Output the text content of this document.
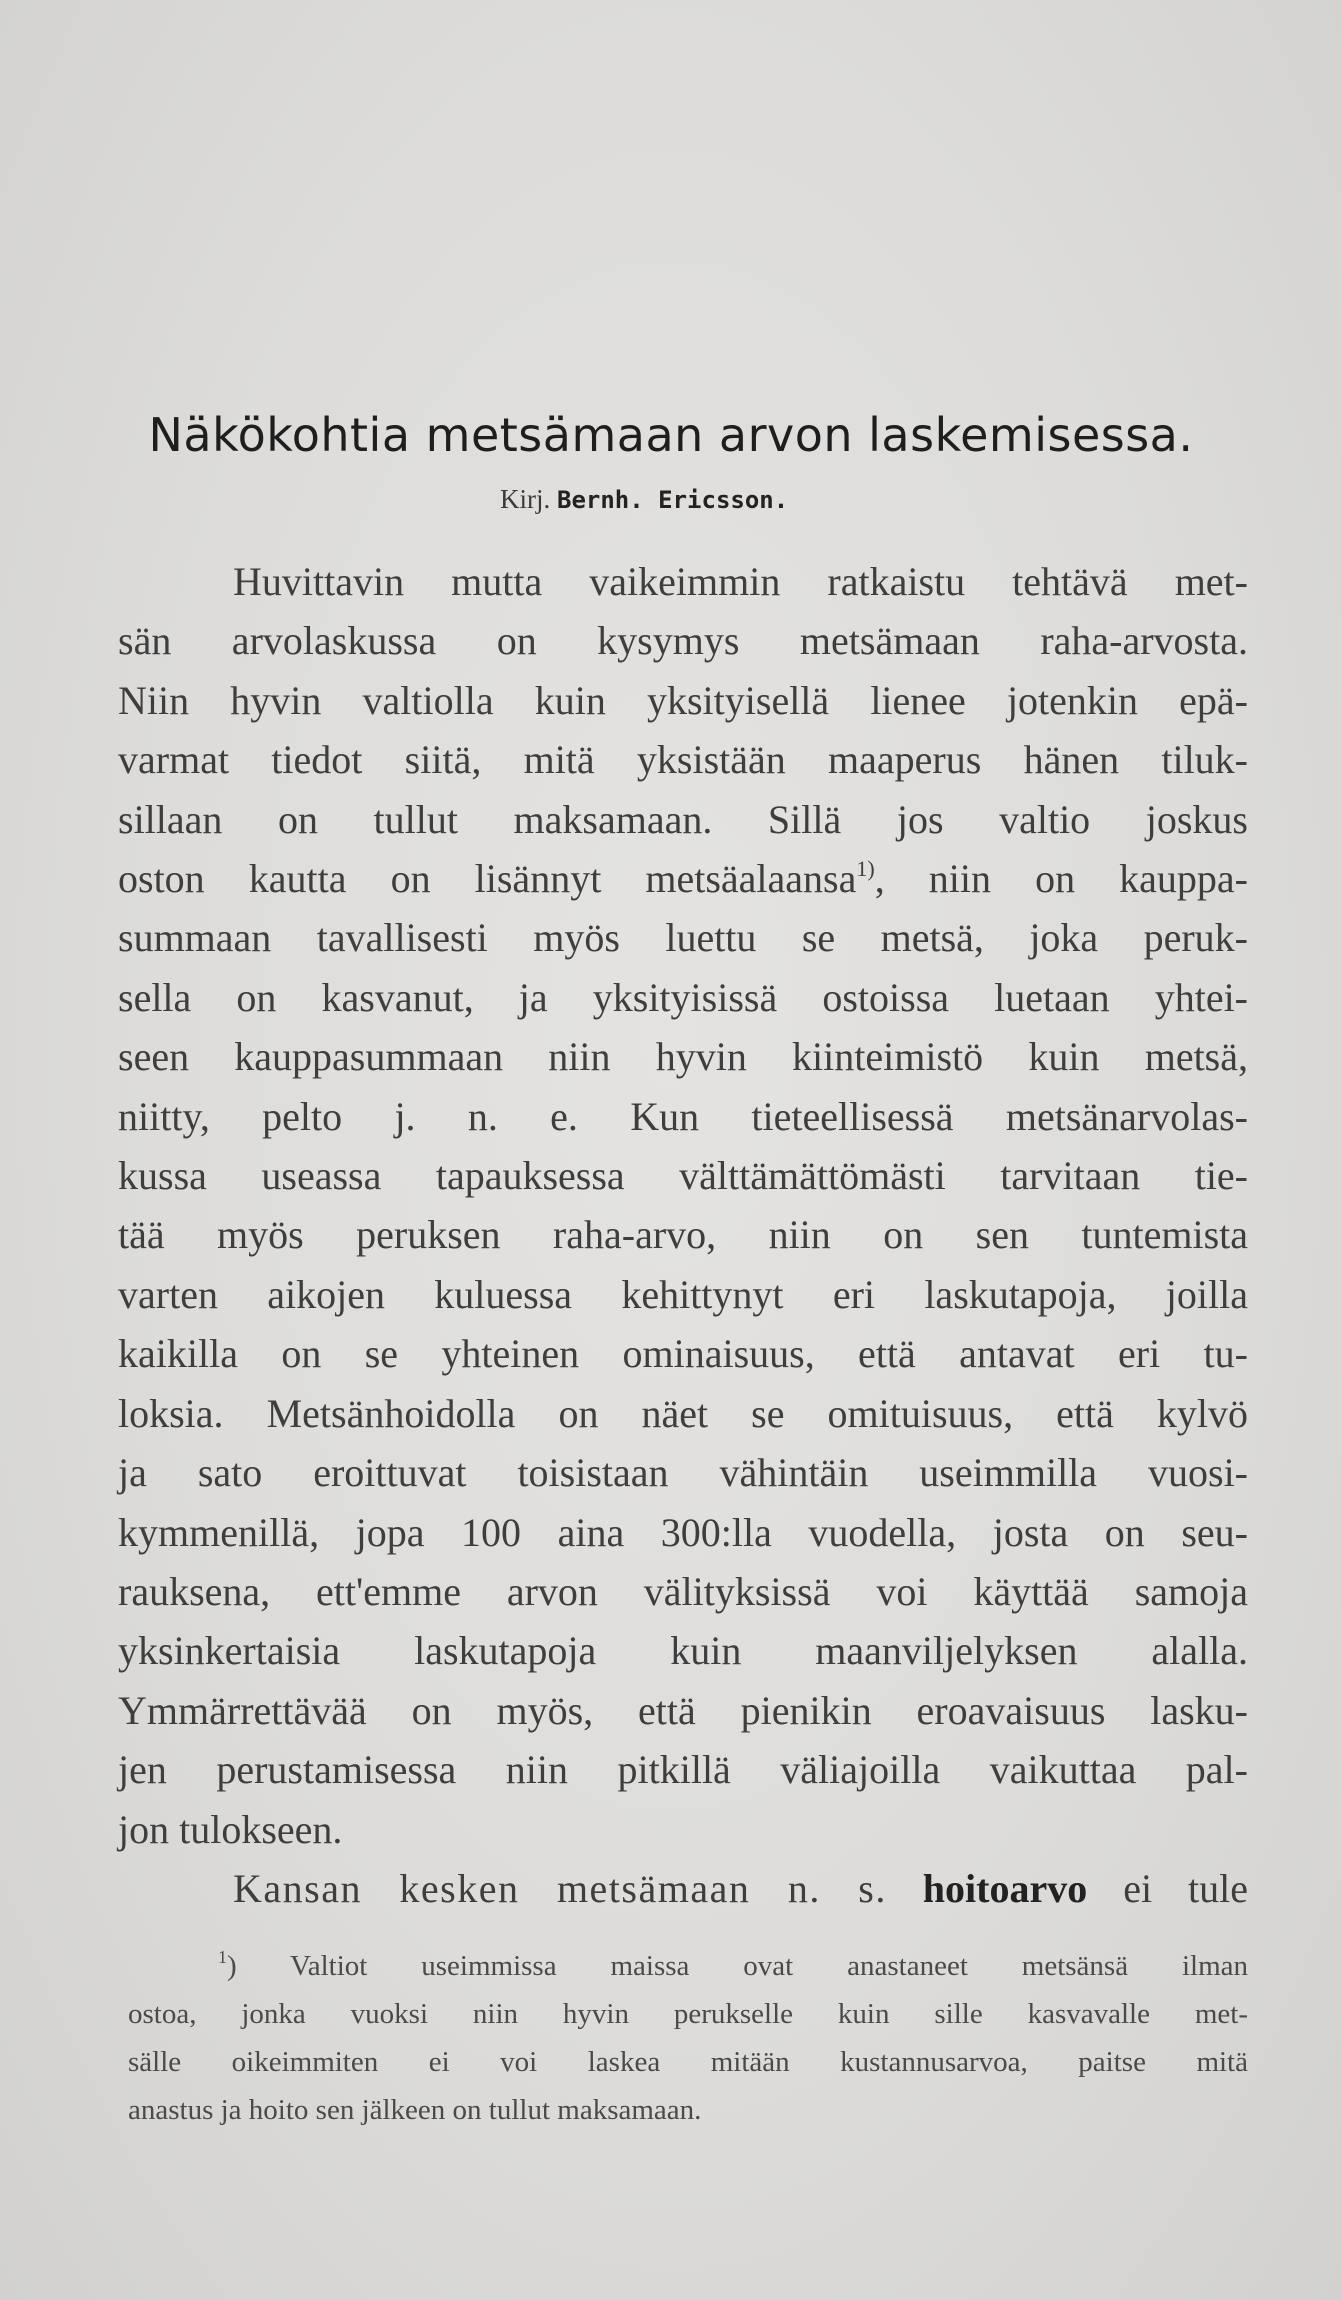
Näkökohtia metsämaan arvon laskemisessa.
Kirj. Bernh. Ericsson.
Huvittavin mutta vaikeimmin ratkaistu tehtävä met-
sän arvolaskussa on kysymys metsämaan raha-arvosta.
Niin hyvin valtiolla kuin yksityisellä lienee jotenkin epä-
varmat tiedot siitä, mitä yksistään maaperus hänen tiluk-
sillaan on tullut maksamaan. Sillä jos valtio joskus
oston kautta on lisännyt metsäalaansa$^{1)}$, niin on kauppa-
summaan tavallisesti myös luettu se metsä, joka peruk-
sella on kasvanut, ja yksityisissä ostoissa luetaan yhtei-
seen kauppasummaan niin hyvin kiinteimistö kuin metsä,
niitty, pelto j. n. e. Kun tieteellisessä metsänarvolas-
kussa useassa tapauksessa välttämättömästi tarvitaan tie-
tää myös peruksen raha-arvo, niin on sen tuntemista
varten aikojen kuluessa kehittynyt eri laskutapoja, joilla
kaikilla on se yhteinen ominaisuus, että antavat eri tu-
loksia. Metsänhoidolla on näet se omituisuus, että kylvö
ja sato eroittuvat toisistaan vähintäin useimmilla vuosi-
kymmenillä, jopa 100 aina 300:lla vuodella, josta on seu-
rauksena, ett'emme arvon välityksissä voi käyttää samoja
yksinkertaisia laskutapoja kuin maanviljelyksen alalla.
Ymmärrettävää on myös, että pienikin eroavaisuus lasku-
jen perustamisessa niin pitkillä väliajoilla vaikuttaa pal-
jon tulokseen.
Kansan kesken metsämaan n. s. hoitoarvo ei tule
$^1$) Valtiot useimmissa maissa ovat anastaneet metsänsä ilman
ostoa, jonka vuoksi niin hyvin perukselle kuin sille kasvavalle met-
sälle oikeimmiten ei voi laskea mitään kustannusarvoa, paitse mitä
anastus ja hoito sen jälkeen on tullut maksamaan.
